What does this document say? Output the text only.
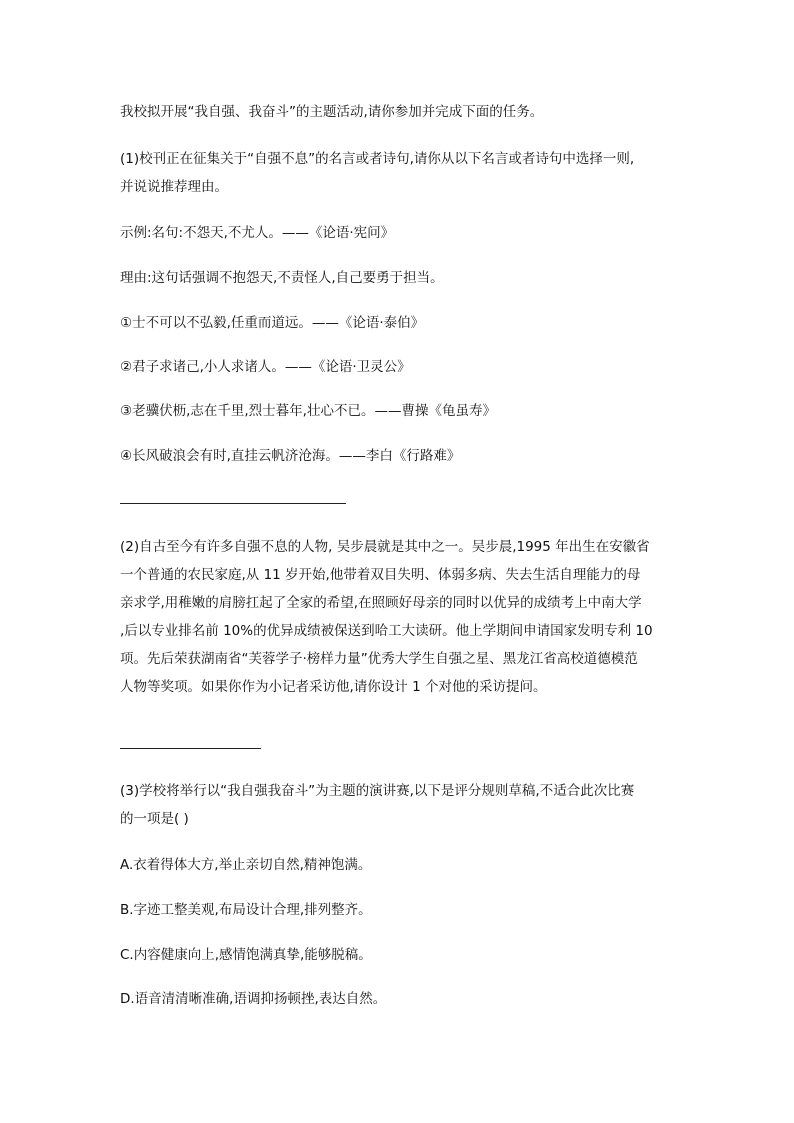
我校拟开展“我自强、我奋斗”的主题活动,请你参加并完成下面的任务。
(1)校刊正在征集关于“自强不息”的名言或者诗句,请你从以下名言或者诗句中选择一则,
并说说推荐理由。
示例:名句:不怨天,不尤人。——《论语·宪问》
理由:这句话强调不抱怨天,不责怪人,自己要勇于担当。
①士不可以不弘毅,任重而道远。——《论语·泰伯》
②君子求诸己,小人求诸人。——《论语·卫灵公》
③老骥伏枥,志在千里,烈士暮年,壮心不已。——曹操《龟虽寿》
④长风破浪会有时,直挂云帆济沧海。——李白《行路难》
(2)自古至今有许多自强不息的人物, 吴步晨就是其中之一。吴步晨,1995 年出生在安徽省
一个普通的农民家庭,从 11 岁开始,他带着双目失明、体弱多病、失去生活自理能力的母
亲求学,用稚嫩的肩膀扛起了全家的希望,在照顾好母亲的同时以优异的成绩考上中南大学
,后以专业排名前 10%的优异成绩被保送到哈工大读研。他上学期间申请国家发明专利 10
项。先后荣获湖南省“芙蓉学子·榜样力量”优秀大学生自强之星、黑龙江省高校道德模范
人物等奖项。如果你作为小记者采访他,请你设计 1 个对他的采访提问。
(3)学校将举行以“我自强我奋斗”为主题的演讲赛,以下是评分规则草稿,不适合此次比赛
的一项是( )
A.衣着得体大方,举止亲切自然,精神饱满。
B.字迹工整美观,布局设计合理,排列整齐。
C.内容健康向上,感情饱满真挚,能够脱稿。
D.语音清清晰准确,语调抑扬顿挫,表达自然。
